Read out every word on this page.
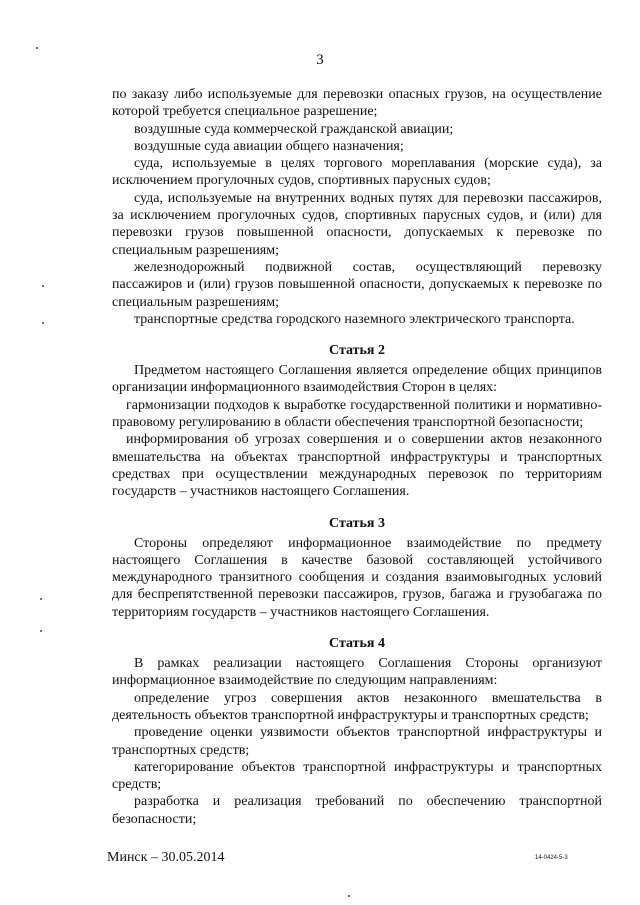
3

по заказу либо используемые для перевозки опасных грузов, на осуществление которой требуется специальное разрешение;

воздушные суда коммерческой гражданской авиации;

воздушные суда авиации общего назначения;

суда, используемые в целях торгового мореплавания (морские суда), за исключением прогулочных судов, спортивных парусных судов;

суда, используемые на внутренних водных путях для перевозки пассажиров, за исключением прогулочных судов, спортивных парусных судов, и (или) для перевозки грузов повышенной опасности, допускаемых к перевозке по специальным разрешениям;

железнодорожный подвижной состав, осуществляющий перевозку пассажиров и (или) грузов повышенной опасности, допускаемых к перевозке по специальным разрешениям;

транспортные средства городского наземного электрического транспорта.

Статья 2

Предметом настоящего Соглашения является определение общих принципов организации информационного взаимодействия Сторон в целях:

гармонизации подходов к выработке государственной политики и нормативно-правовому регулированию в области обеспечения транспортной безопасности;

информирования об угрозах совершения и о совершении актов незаконного вмешательства на объектах транспортной инфраструктуры и транспортных средствах при осуществлении международных перевозок по территориям государств – участников настоящего Соглашения.

Статья 3

Стороны определяют информационное взаимодействие по предмету настоящего Соглашения в качестве базовой составляющей устойчивого международного транзитного сообщения и создания взаимовыгодных условий для беспрепятственной перевозки пассажиров, грузов, багажа и грузобагажа по территориям государств – участников настоящего Соглашения.

Статья 4

В рамках реализации настоящего Соглашения Стороны организуют информационное взаимодействие по следующим направлениям:

определение угроз совершения актов незаконного вмешательства в деятельность объектов транспортной инфраструктуры и транспортных средств;

проведение оценки уязвимости объектов транспортной инфраструктуры и транспортных средств;

категорирование объектов транспортной инфраструктуры и транспортных средств;

разработка и реализация требований по обеспечению транспортной безопасности;

Минск – 30.05.2014	14-0424-5-3
